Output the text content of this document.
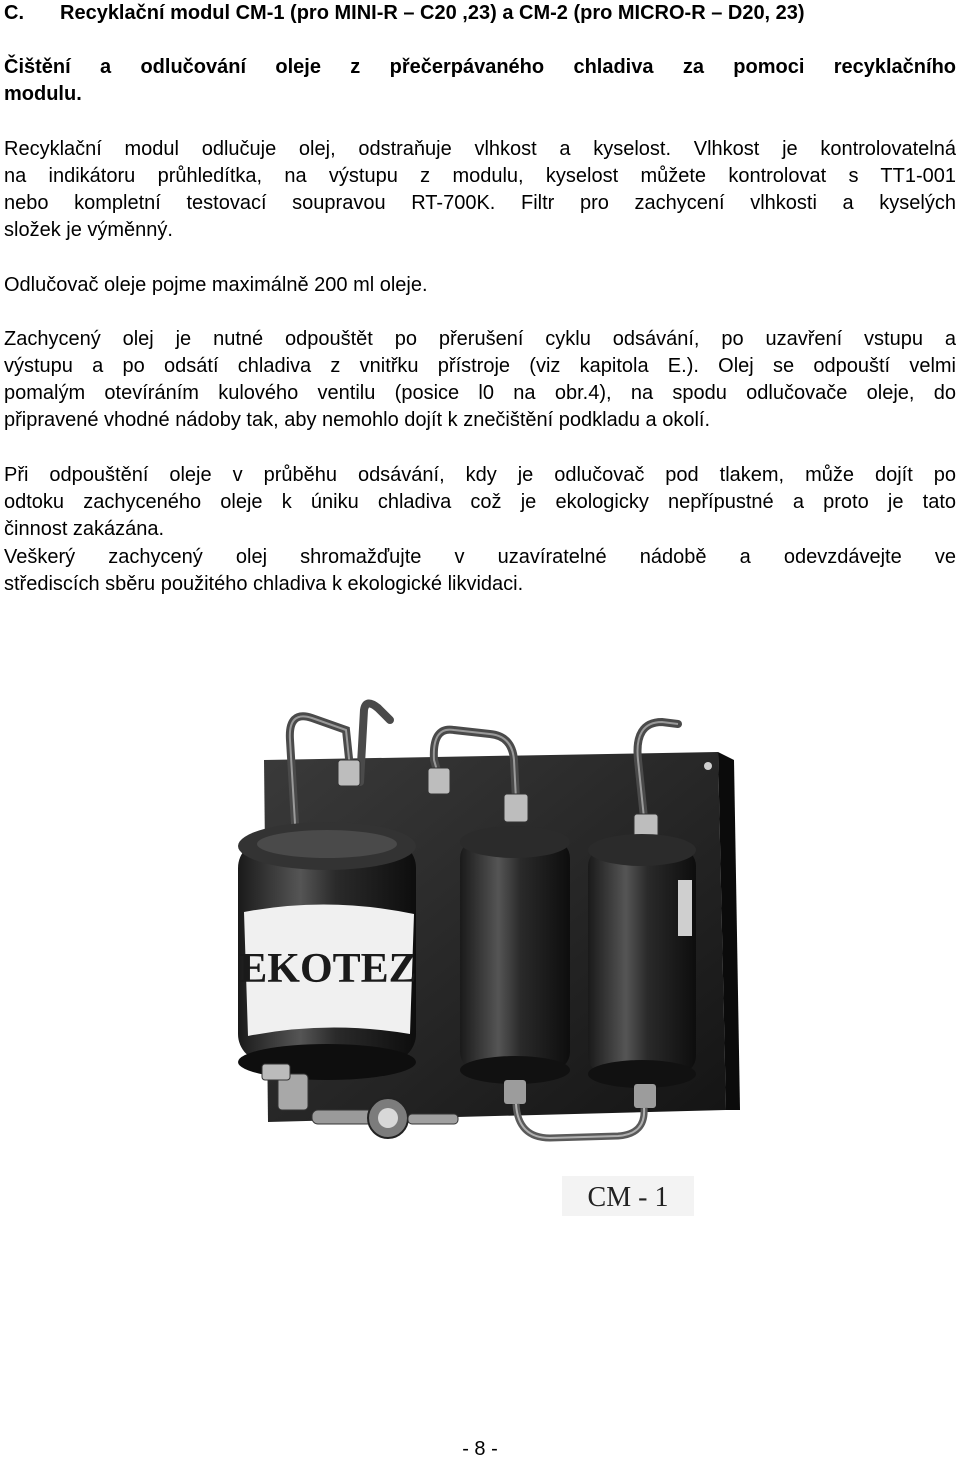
C. Recyklační modul CM-1 (pro MINI-R – C20 ,23) a CM-2 (pro MICRO-R – D20, 23)
Čištění a odlučování oleje z přečerpávaného chladiva za pomoci recyklačního
modulu.
Recyklační modul odlučuje olej, odstraňuje vlhkost a kyselost. Vlhkost je kontrolovatelná
na indikátoru průhledítka, na výstupu z modulu, kyselost můžete kontrolovat s TT1-001
nebo kompletní testovací soupravou RT-700K. Filtr pro zachycení vlhkosti a kyselých
složek je výměnný.
Odlučovač oleje pojme maximálně 200 ml oleje.
Zachycený olej je nutné odpouštět po přerušení cyklu odsávání, po uzavření vstupu a
výstupu a po odsátí chladiva z vnitřku přístroje (viz kapitola E.). Olej se odpouští velmi
pomalým otevíráním kulového ventilu (posice l0 na obr.4), na spodu odlučovače oleje, do
připravené vhodné nádoby tak, aby nemohlo dojít k znečištění podkladu a okolí.
Při odpouštění oleje v průběhu odsávání, kdy je odlučovač pod tlakem, může dojít po
odtoku zachyceného oleje k úniku chladiva což je ekologicky nepřípustné a proto je tato
činnost zakázána.
Veškerý zachycený olej shromažďujte v uzavíratelné nádobě a odevzdávejte ve
střediscích sběru použitého chladiva k ekologické likvidaci.
EKOTEZ
CM - 1
- 8 -
